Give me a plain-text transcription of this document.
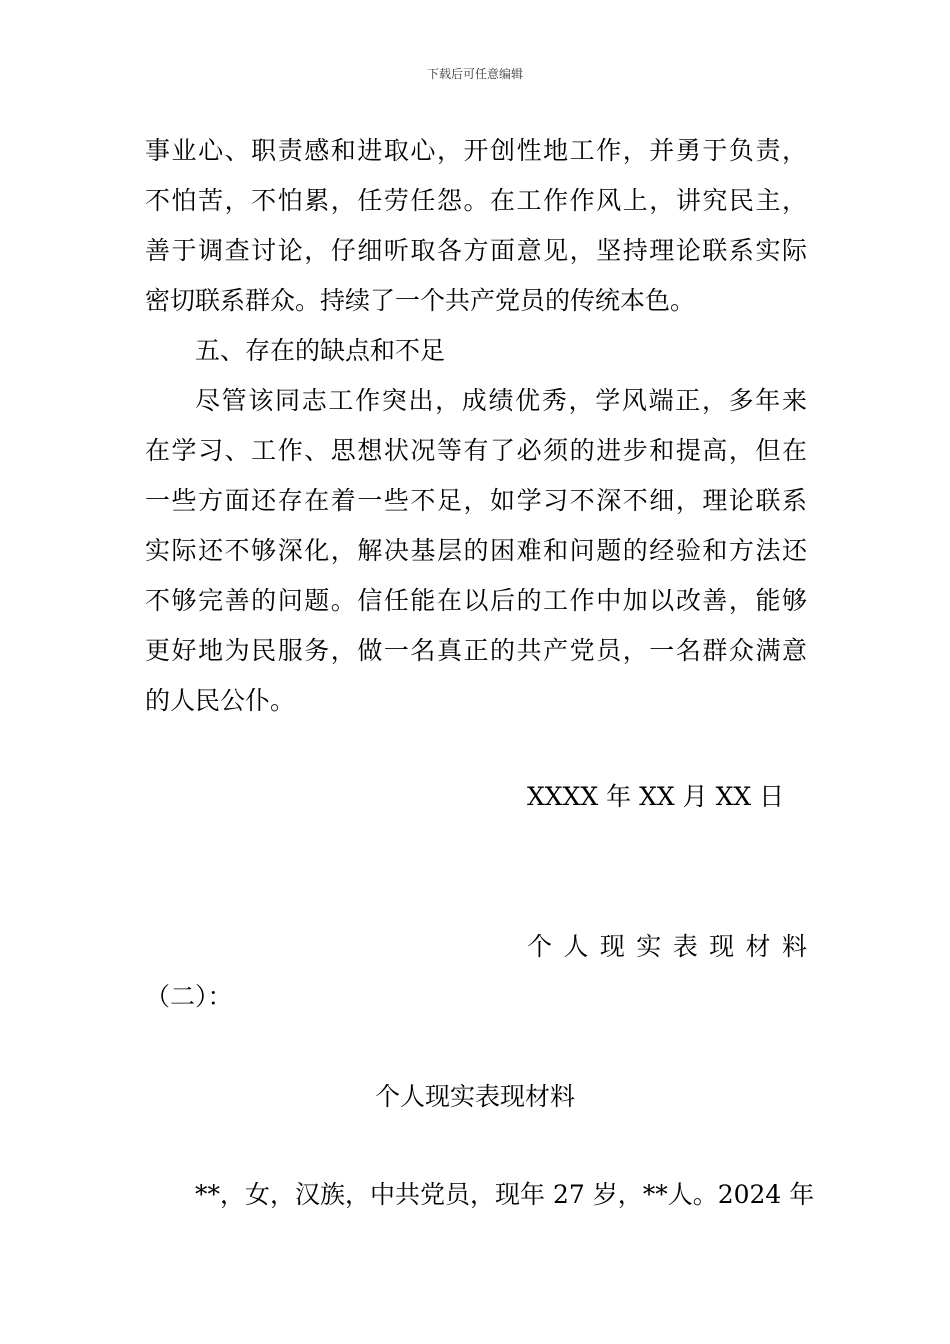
下载后可任意编辑
事业心、职责感和进取心，开创性地工作，并勇于负责，
不怕苦，不怕累，任劳任怨。在工作作风上，讲究民主，
善于调查讨论，仔细听取各方面意见，坚持理论联系实际
密切联系群众。持续了一个共产党员的传统本色。
五、存在的缺点和不足
尽管该同志工作突出，成绩优秀，学风端正，多年来
在学习、工作、思想状况等有了必须的进步和提高，但在
一些方面还存在着一些不足，如学习不深不细，理论联系
实际还不够深化，解决基层的困难和问题的经验和方法还
不够完善的问题。信任能在以后的工作中加以改善，能够
更好地为民服务，做一名真正的共产党员，一名群众满意
的人民公仆。
XXXX 年 XX 月 XX 日
个人现实表现材料
（二）：
个人现实表现材料
**，女，汉族，中共党员，现年 27 岁，**人。2024 年
